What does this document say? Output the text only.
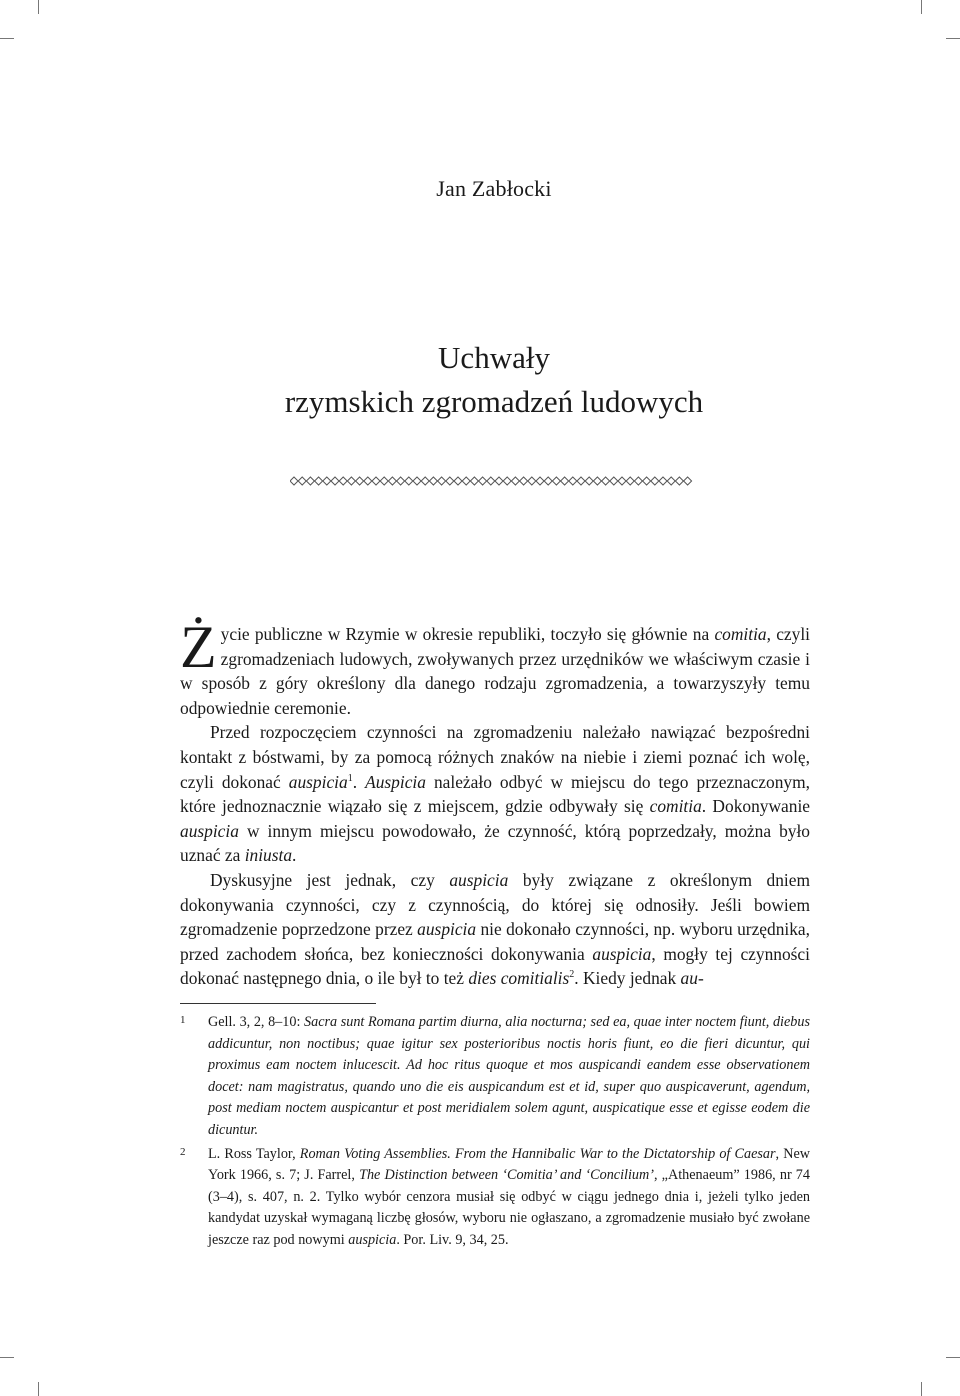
Jan Zabłocki
Uchwały
rzymskich zgromadzeń ludowych

Życie publiczne w Rzymie w okresie republiki, toczyło się głównie na comitia, czyli zgromadzeniach ludowych, zwoływanych przez urzędników we właściwym czasie i w sposób z góry określony dla danego rodzaju zgromadzenia, a towarzyszyły temu odpowiednie ceremonie.

Przed rozpoczęciem czynności na zgromadzeniu należało nawiązać bezpośredni kontakt z bóstwami, by za pomocą różnych znaków na niebie i ziemi poznać ich wolę, czyli dokonać auspicia$^1$. Auspicia należało odbyć w miejscu do tego przeznaczonym, które jednoznacznie wiązało się z miejscem, gdzie odbywały się comitia. Dokonywanie auspicia w innym miejscu powodowało, że czynność, którą poprzedzały, można było uznać za iniusta.

Dyskusyjne jest jednak, czy auspicia były związane z określonym dniem dokonywania czynności, czy z czynnością, do której się odnosiły. Jeśli bowiem zgromadzenie poprzedzone przez auspicia nie dokonało czynności, np. wyboru urzędnika, przed zachodem słońca, bez konieczności dokonywania auspicia, mogły tej czynności dokonać następnego dnia, o ile był to też dies comitialis$^2$. Kiedy jednak au-

1 Gell. 3, 2, 8–10: Sacra sunt Romana partim diurna, alia nocturna; sed ea, quae inter noctem fiunt, diebus addicuntur, non noctibus; quae igitur sex posterioribus noctis horis fiunt, eo die fieri dicuntur, qui proximus eam noctem inlucescit. Ad hoc ritus quoque et mos auspicandi eandem esse observationem docet: nam magistratus, quando uno die eis auspicandum est et id, super quo auspicaverunt, agendum, post mediam noctem auspicantur et post meridialem solem agunt, auspicatique esse et egisse eodem die dicuntur.

2 L. Ross Taylor, Roman Voting Assemblies. From the Hannibalic War to the Dictatorship of Caesar, New York 1966, s. 7; J. Farrel, The Distinction between ‘Comitia’ and ‘Concilium’, „Athenaeum” 1986, nr 74 (3–4), s. 407, n. 2. Tylko wybór cenzora musiał się odbyć w ciągu jednego dnia i, jeżeli tylko jeden kandydat uzyskał wymaganą liczbę głosów, wyboru nie ogłaszano, a zgromadzenie musiało być zwołane jeszcze raz pod nowymi auspicia. Por. Liv. 9, 34, 25.
